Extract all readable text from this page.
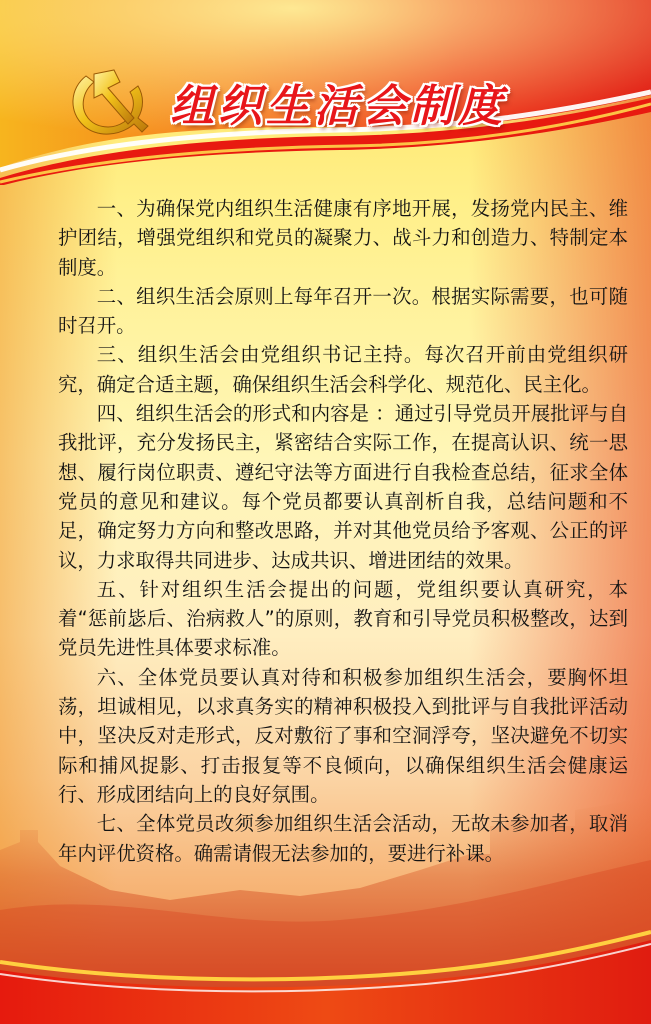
组织生活会制度

一、为确保党内组织生活健康有序地开展，发扬党内民主、维护团结，增强党组织和党员的凝聚力、战斗力和创造力、特制定本制度。

二、组织生活会原则上每年召开一次。根据实际需要，也可随时召开。

三、组织生活会由党组织书记主持。每次召开前由党组织研究，确定合适主题，确保组织生活会科学化、规范化、民主化。

四、组织生活会的形式和内容是 ：通过引导党员开展批评与自我批评，充分发扬民主，紧密结合实际工作，在提高认识、统一思想、履行岗位职责、遵纪守法等方面进行自我检查总结，征求全体党员的意见和建议。每个党员都要认真剖析自我，总结问题和不足，确定努力方向和整改思路，并对其他党员给予客观、公正的评议，力求取得共同进步、达成共识、增进团结的效果。

五、针对组织生活会提出的问题，党组织要认真研究，本着“惩前毖后、治病救人”的原则，教育和引导党员积极整改，达到党员先进性具体要求标准。

六、全体党员要认真对待和积极参加组织生活会，要胸怀坦荡，坦诚相见，以求真务实的精神积极投入到批评与自我批评活动中，坚决反对走形式，反对敷衍了事和空洞浮夸，坚决避免不切实际和捕风捉影、打击报复等不良倾向，以确保组织生活会健康运行、形成团结向上的良好氛围。

七、全体党员改须参加组织生活会活动，无故未参加者，取消年内评优资格。确需请假无法参加的，要进行补课。
